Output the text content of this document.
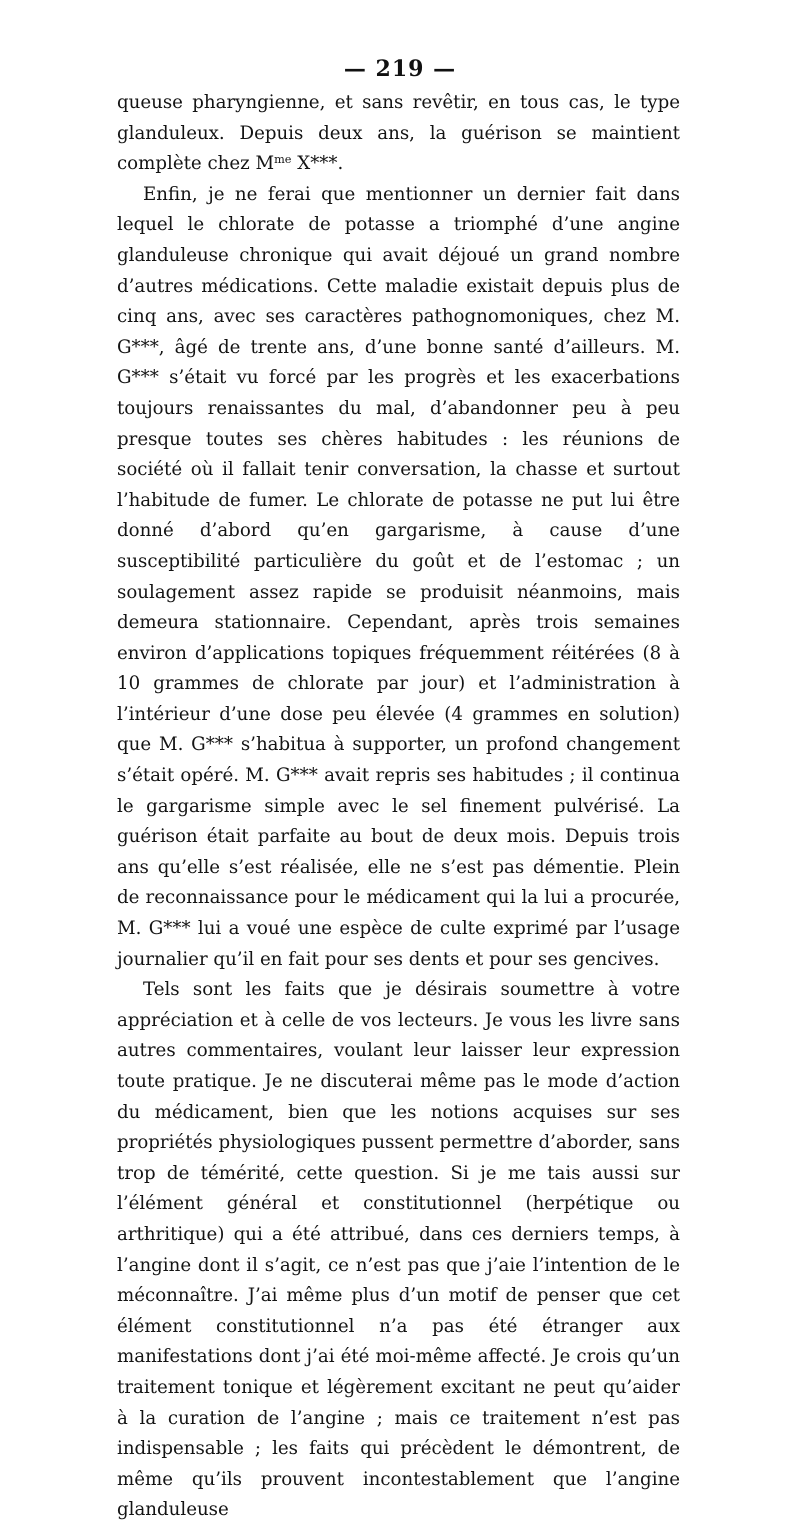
— 219 —

queuse pharyngienne, et sans revêtir, en tous cas, le type glanduleux. Depuis deux ans, la guérison se maintient complète chez $M^{me}$ X***.

Enfin, je ne ferai que mentionner un dernier fait dans lequel le chlorate de potasse a triomphé d’une angine glanduleuse chronique qui avait déjoué un grand nombre d’autres médications. Cette maladie existait depuis plus de cinq ans, avec ses caractères pathognomoniques, chez M. G***, âgé de trente ans, d’une bonne santé d’ailleurs. M. G*** s’était vu forcé par les progrès et les exacerbations toujours renaissantes du mal, d’abandonner peu à peu presque toutes ses chères habitudes : les réunions de société où il fallait tenir conversation, la chasse et surtout l’habitude de fumer. Le chlorate de potasse ne put lui être donné d’abord qu’en gargarisme, à cause d’une susceptibilité particulière du goût et de l’estomac ; un soulagement assez rapide se produisit néanmoins, mais demeura stationnaire. Cependant, après trois semaines environ d’applications topiques fréquemment réitérées (8 à 10 grammes de chlorate par jour) et l’administration à l’intérieur d’une dose peu élevée (4 grammes en solution) que M. G*** s’habitua à supporter, un profond changement s’était opéré. M. G*** avait repris ses habitudes ; il continua le gargarisme simple avec le sel finement pulvérisé. La guérison était parfaite au bout de deux mois. Depuis trois ans qu’elle s’est réalisée, elle ne s’est pas démentie. Plein de reconnaissance pour le médicament qui la lui a procurée, M. G*** lui a voué une espèce de culte exprimé par l’usage journalier qu’il en fait pour ses dents et pour ses gencives.

Tels sont les faits que je désirais soumettre à votre appréciation et à celle de vos lecteurs. Je vous les livre sans autres commentaires, voulant leur laisser leur expression toute pratique. Je ne discuterai même pas le mode d’action du médicament, bien que les notions acquises sur ses propriétés physiologiques pussent permettre d’aborder, sans trop de témérité, cette question. Si je me tais aussi sur l’élément général et constitutionnel (herpétique ou arthritique) qui a été attribué, dans ces derniers temps, à l’angine dont il s’agit, ce n’est pas que j’aie l’intention de le méconnaître. J’ai même plus d’un motif de penser que cet élément constitutionnel n’a pas été étranger aux manifestations dont j’ai été moi-même affecté. Je crois qu’un traitement tonique et légèrement excitant ne peut qu’aider à la curation de l’angine ; mais ce traitement n’est pas indispensable ; les faits qui précèdent le démontrent, de même qu’ils prouvent incontestablement que l’angine glanduleuse
